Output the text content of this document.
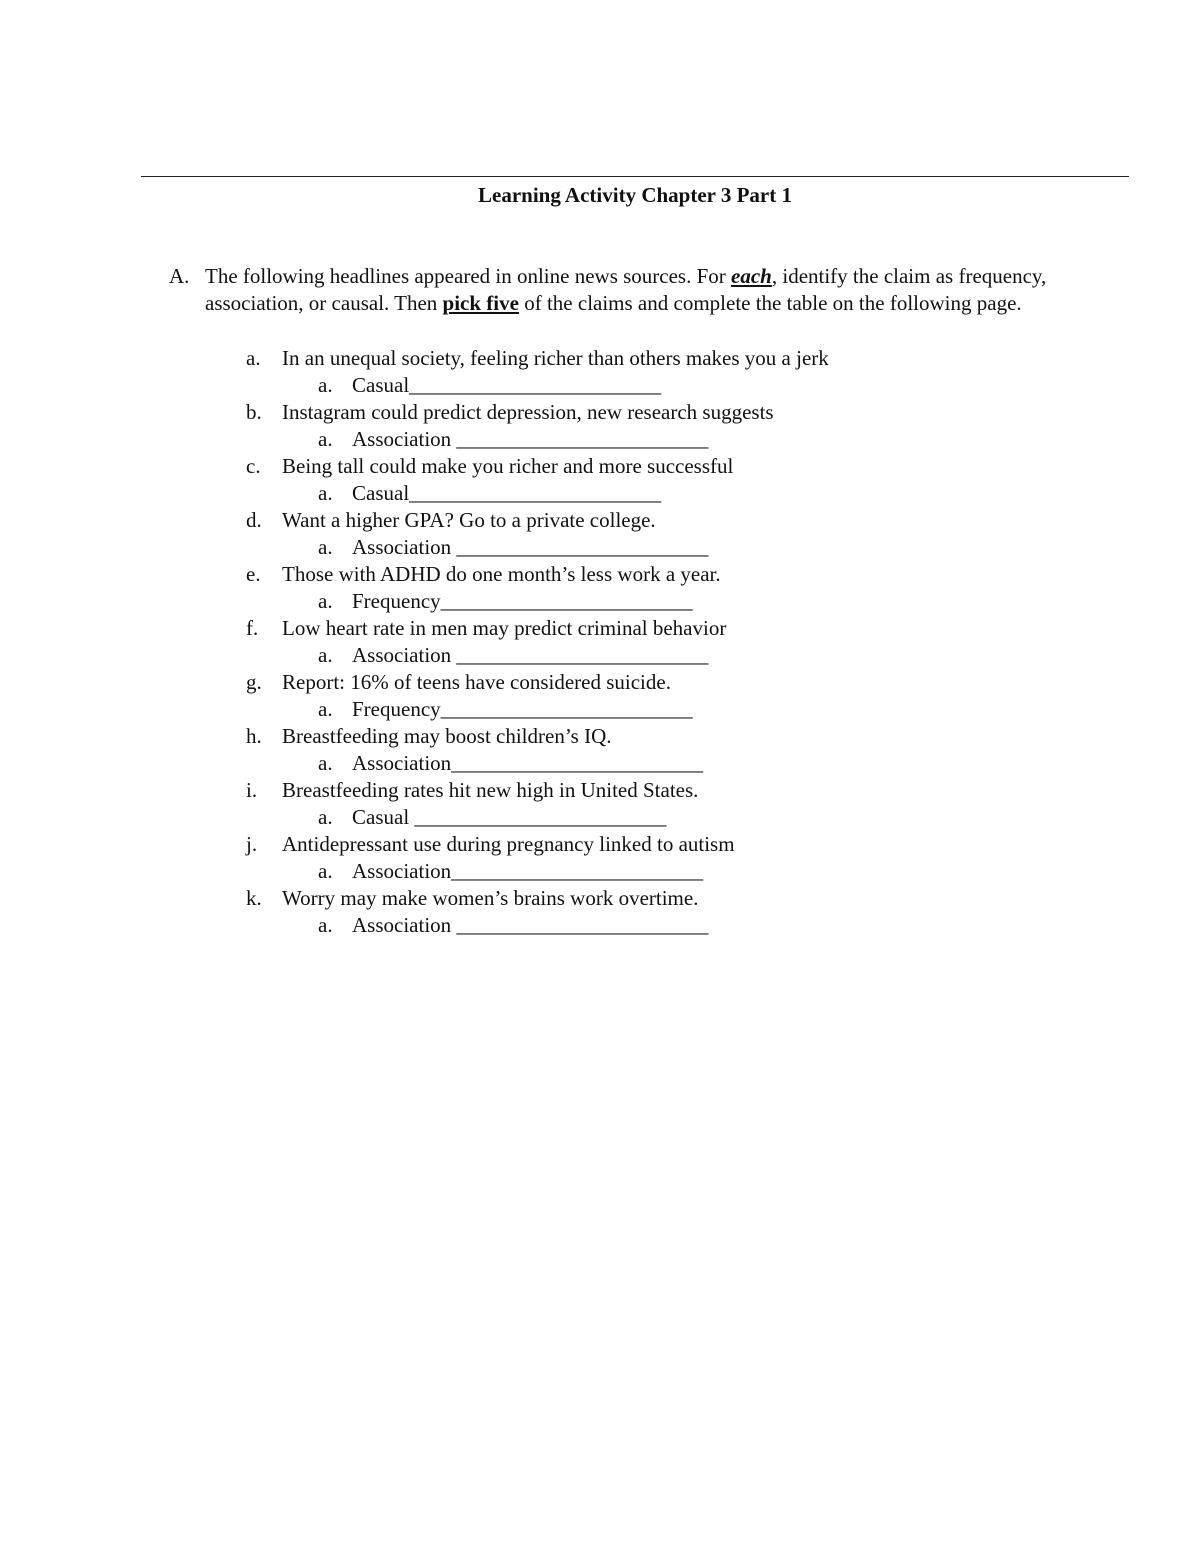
Learning Activity Chapter 3 Part 1
A. The following headlines appeared in online news sources. For each, identify the claim as frequency, association, or causal. Then pick five of the claims and complete the table on the following page.
a. In an unequal society, feeling richer than others makes you a jerk
a. Casual________________________
b. Instagram could predict depression, new research suggests
a. Association ________________________
c. Being tall could make you richer and more successful
a. Casual________________________
d. Want a higher GPA? Go to a private college.
a. Association ________________________
e. Those with ADHD do one month’s less work a year.
a. Frequency________________________
f. Low heart rate in men may predict criminal behavior
a. Association ________________________
g. Report: 16% of teens have considered suicide.
a. Frequency________________________
h. Breastfeeding may boost children’s IQ.
a. Association________________________
i. Breastfeeding rates hit new high in United States.
a. Casual ________________________
j. Antidepressant use during pregnancy linked to autism
a. Association________________________
k. Worry may make women’s brains work overtime.
a. Association ________________________
